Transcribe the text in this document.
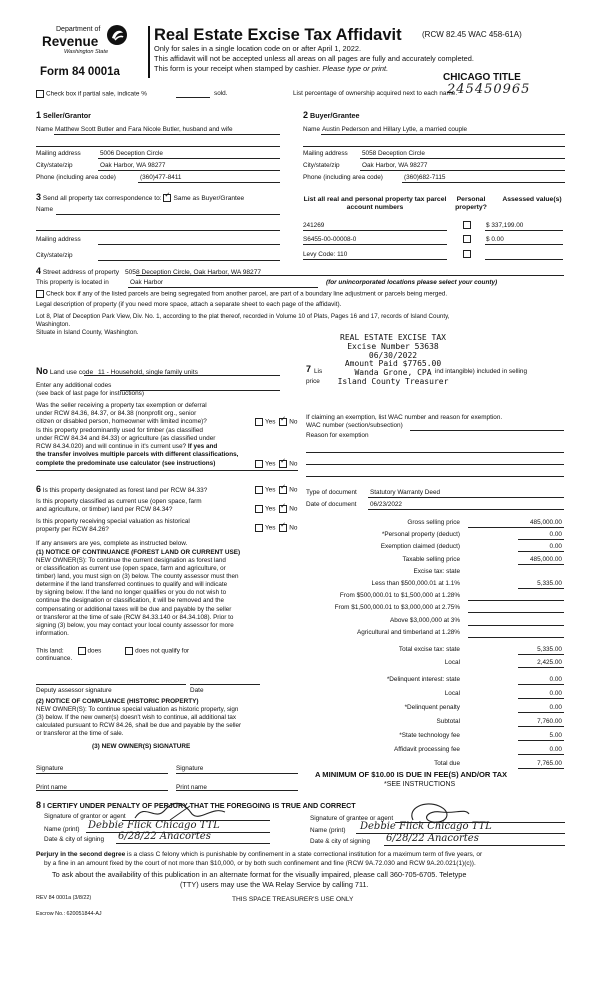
Department of
Revenue
Washington State
Form 84 0001a
Real Estate Excise Tax Affidavit	(RCW 82.45 WAC 458-61A)
Only for sales in a single location code on or after April 1, 2022.
This affidavit will not be accepted unless all areas on all pages are fully and accurately completed.
This form is your receipt when stamped by cashier. Please type or print.
CHICAGO TITLE
245450965
Check box if partial sale, indicate %	sold.	List percentage of ownership acquired next to each name.
1 Seller/Grantor
Name Matthew Scott Butler and Fara Nicole Butler, husband and wife
Mailing address	5006 Deception Circle
City/state/zip	Oak Harbor, WA 98277
Phone (including area code)	(360)477-8411
2 Buyer/Grantee
Name Austin Pederson and Hillary Lytle, a married couple
Mailing address 5058 Deception Circle
City/state/zip	Oak Harbor, WA 98277
Phone (including area code)	(360)682-7115
3 Send all property tax correspondence to: ✓ Same as Buyer/Grantee
Name
Mailing address
City/state/zip
List all real and personal property tax parcel account numbers
Personal property?
Assessed value(s)
241269	$ 337,199.00
S6455-00-00008-0	$ 0.00
Levy Code: 110
4 Street address of property 5058 Deception Circle, Oak Harbor, WA 98277
This property is located in	Oak Harbor	(for unincorporated locations please select your county)
Check box if any of the listed parcels are being segregated from another parcel, are part of a boundary line adjustment or parcels being merged.
Legal description of property (if you need more space, attach a separate sheet to each page of the affidavit).
Lot 8, Plat of Deception Park View, Div. No. 1, according to the plat thereof, recorded in Volume 10 of Plats, Pages 16 and 17, records of Island County,
Washington.
Situate in Island County, Washington.
REAL ESTATE EXCISE TAX
Excise Number 53638
06/30/2022
Amount Paid $7765.00
Wanda Grone, CPA
Island County Treasurer
No Land use code 11 - Household, single family units	7 Lis
price
ind intangible) included in selling
Enter any additional codes
(see back of last page for instructions)
Was the seller receiving a property tax exemption or deferral
under RCW 84.36, 84.37, or 84.38 (nonprofit org., senior
citizen or disabled person, homeowner with limited income)?	Yes ✓ No
Is this property predominantly used for timber (as classified
under RCW 84.34 and 84.33) or agriculture (as classified under
RCW 84.34.020) and will continue in it's current use? If yes and
the transfer involves multiple parcels with different classifications,
complete the predominate use calculator (see instructions)	Yes ✓ No
If claiming an exemption, list WAC number and reason for exemption.
WAC number (section/subsection)
Reason for exemption
6 Is this property designated as forest land per RCW 84.33?	Yes ✓ No
Is this property classified as current use (open space, farm
and agriculture, or timber) land per RCW 84.34?	Yes ✓ No
Is this property receiving special valuation as historical
property per RCW 84.26?	Yes ✓ No
If any answers are yes, complete as instructed below.
(1) NOTICE OF CONTINUANCE (FOREST LAND OR CURRENT USE)
NEW OWNER(S): To continue the current designation as forest land
or classification as current use (open space, farm and agriculture, or
timber) land, you must sign on (3) below. The county assessor must then
determine if the land transferred continues to qualify and will indicate
by signing below. If the land no longer qualifies or you do not wish to
continue the designation or classification, it will be removed and the
compensating or additional taxes will be due and payable by the seller
or transferor at the time of sale (RCW 84.33.140 or 84.34.108). Prior to
signing (3) below, you may contact your local county assessor for more
information.
This land:	does	does not qualify for
continuance.
Deputy assessor signature	Date
(2) NOTICE OF COMPLIANCE (HISTORIC PROPERTY)
NEW OWNER(S): To continue special valuation as historic property, sign
(3) below. If the new owner(s) doesn't wish to continue, all additional tax
calculated pursuant to RCW 84.26, shall be due and payable by the seller
or transferor at the time of sale.
(3) NEW OWNER(S) SIGNATURE
Signature	Signature
Print name	Print name
Type of document Statutory Warranty Deed
Date of document 06/23/2022
Gross selling price	485,000.00
*Personal property (deduct)	0.00
Exemption claimed (deduct)	0.00
Taxable selling price	485,000.00
Excise tax: state
Less than $500,000.01 at 1.1%	5,335.00
From $500,000.01 to $1,500,000 at 1.28%
From $1,500,000.01 to $3,000,000 at 2.75%
Above $3,000,000 at 3%
Agricultural and timberland at 1.28%
Total excise tax: state	5,335.00
Local	2,425.00
*Delinquent interest: state	0.00
Local	0.00
*Delinquent penalty	0.00
Subtotal	7,760.00
*State technology fee	5.00
Affidavit processing fee	0.00
Total due	7,765.00
A MINIMUM OF $10.00 IS DUE IN FEE(S) AND/OR TAX
*SEE INSTRUCTIONS
8 I CERTIFY UNDER PENALTY OF PERJURY THAT THE FOREGOING IS TRUE AND CORRECT
Signature of grantor or agent
Name (print) Debbie Flick Chicago TTL
Date & city of signing 6/28/22 Anacortes
Signature of grantee or agent
Name (print) Debbie Flick Chicago TTL
Date & city of signing 6/28/22 Anacortes
Perjury in the second degree is a class C felony which is punishable by confinement in a state correctional institution for a maximum term of five years, or
by a fine in an amount fixed by the court of not more than $10,000, or by both such confinement and fine (RCW 9A.72.030 and RCW 9A.20.021(1)(c)).
To ask about the availability of this publication in an alternate format for the visually impaired, please call 360-705-6705. Teletype
(TTY) users may use the WA Relay Service by calling 711.
REV 84 0001a (3/8/22)	THIS SPACE TREASURER'S USE ONLY
Escrow No.: 620051844-AJ
